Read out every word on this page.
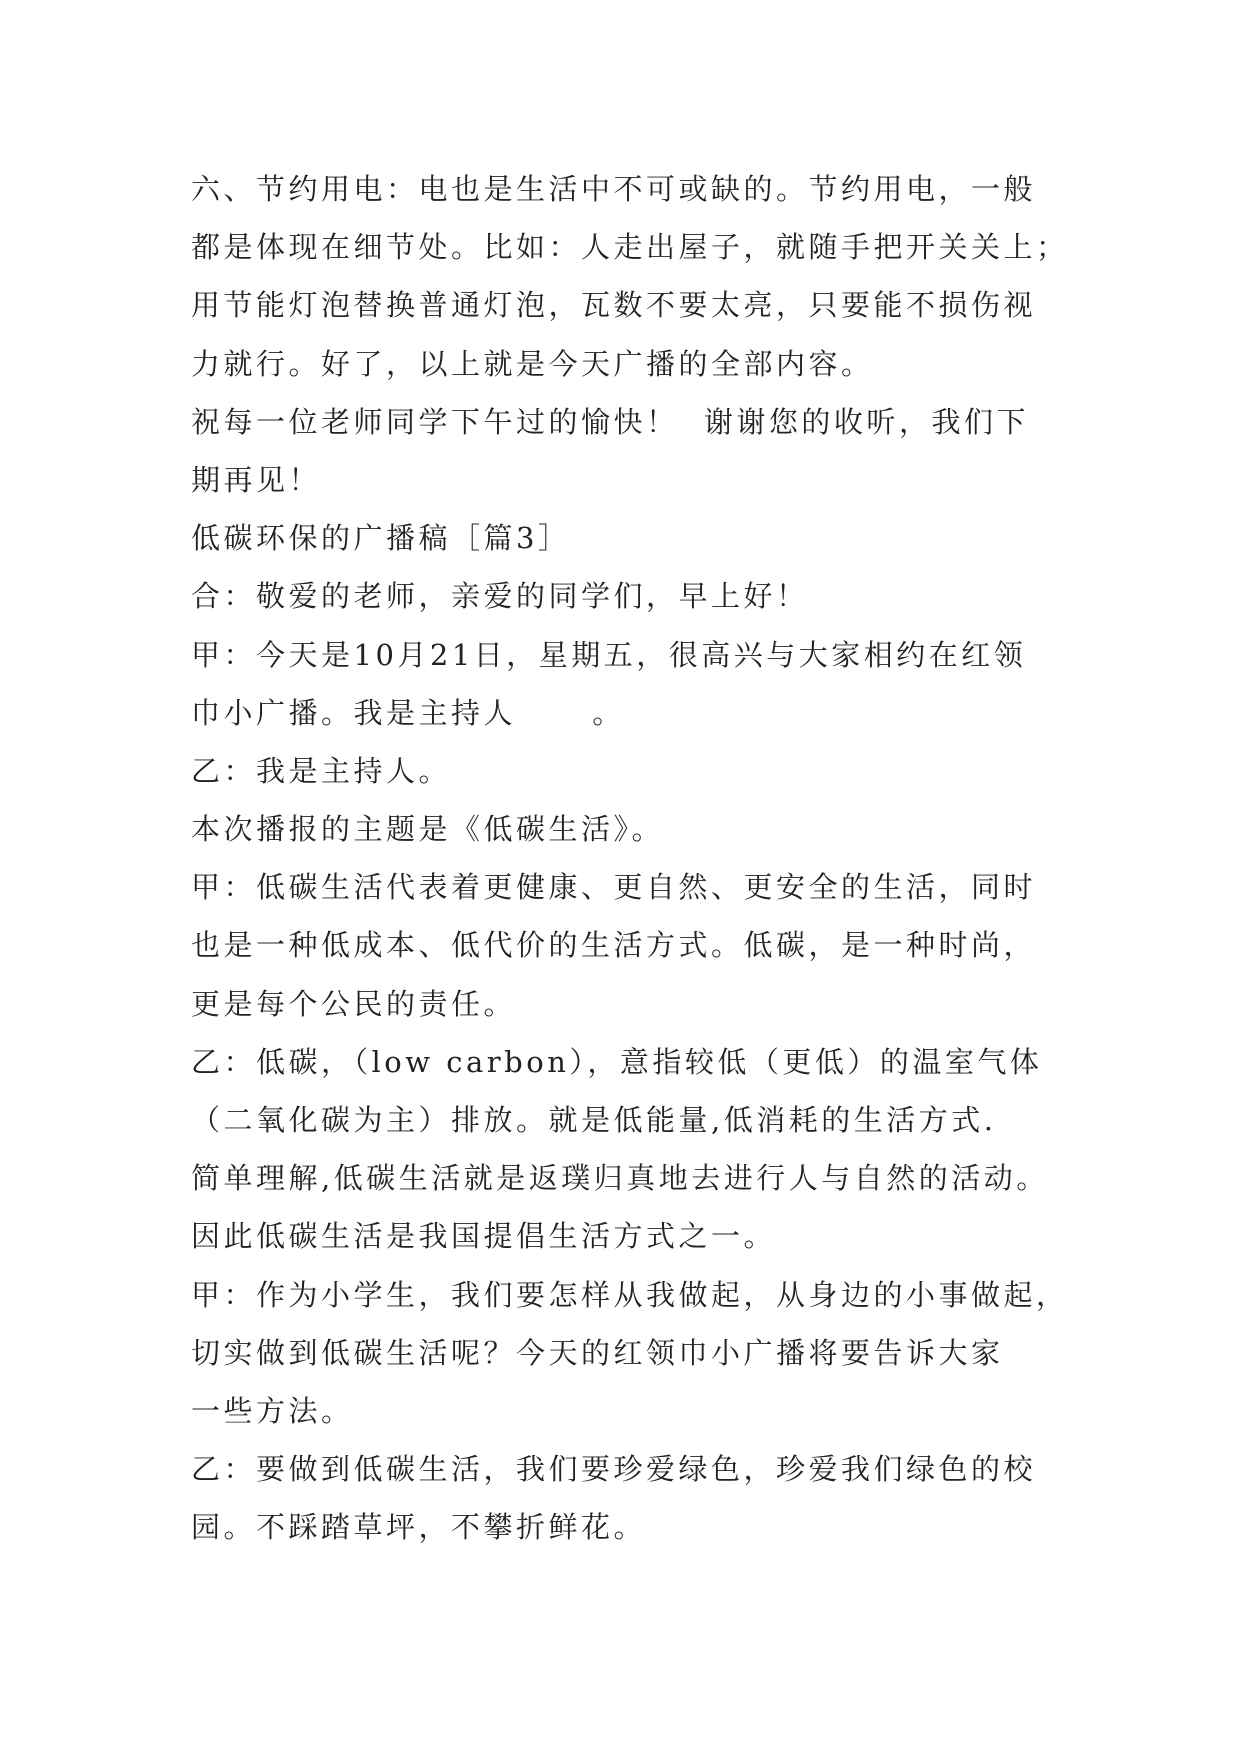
六、节约用电：电也是生活中不可或缺的。节约用电，一般
都是体现在细节处。比如：人走出屋子，就随手把开关关上；
用节能灯泡替换普通灯泡，瓦数不要太亮，只要能不损伤视
力就行。好了，以上就是今天广播的全部内容。
祝每一位老师同学下午过的愉快！  谢谢您的收听，我们下
期再见！
低碳环保的广播稿［篇3］
合：敬爱的老师，亲爱的同学们，早上好！
甲：今天是10月21日，星期五，很高兴与大家相约在红领
巾小广播。我是主持人      。
乙：我是主持人。
本次播报的主题是《低碳生活》。
甲：低碳生活代表着更健康、更自然、更安全的生活，同时
也是一种低成本、低代价的生活方式。低碳，是一种时尚，
更是每个公民的责任。
乙：低碳，（low carbon），意指较低（更低）的温室气体
（二氧化碳为主）排放。就是低能量,低消耗的生活方式.
简单理解,低碳生活就是返璞归真地去进行人与自然的活动。
因此低碳生活是我国提倡生活方式之一。
甲：作为小学生，我们要怎样从我做起，从身边的小事做起，
切实做到低碳生活呢？今天的红领巾小广播将要告诉大家
一些方法。
乙：要做到低碳生活，我们要珍爱绿色，珍爱我们绿色的校
园。不踩踏草坪，不攀折鲜花。
